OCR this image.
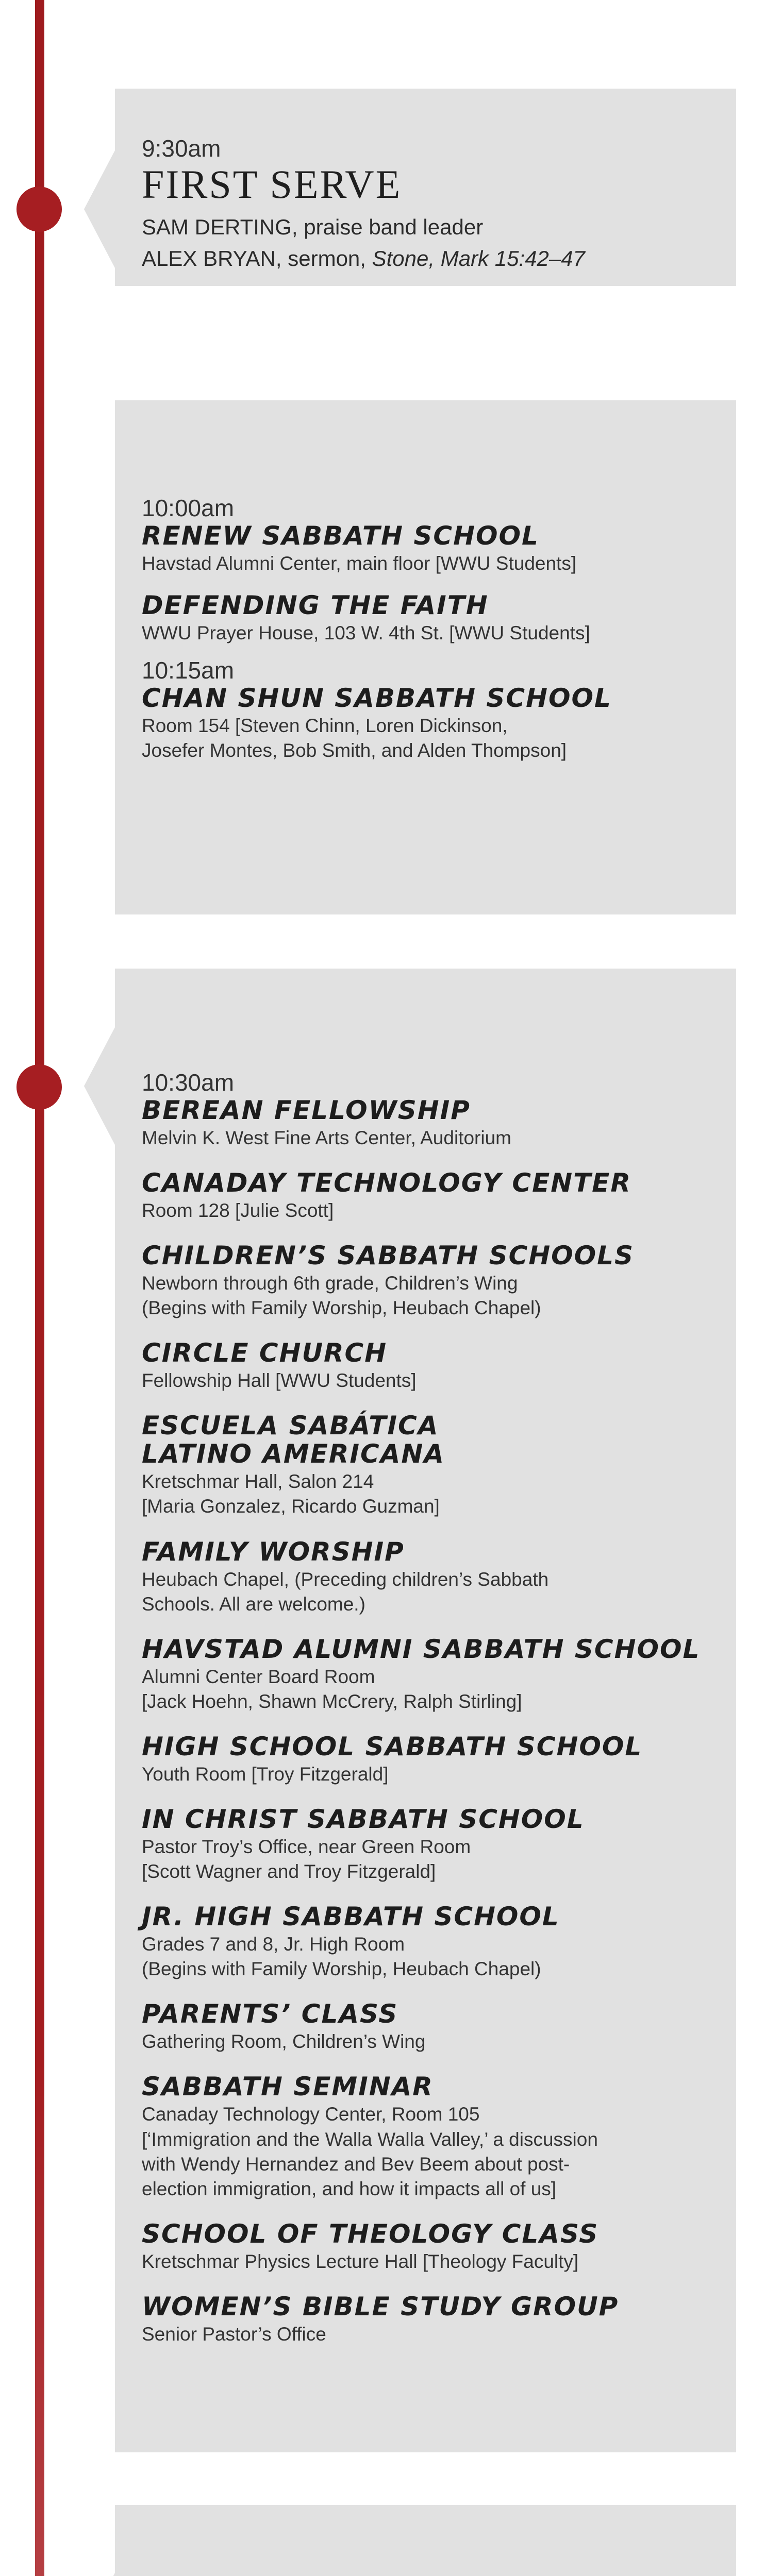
9:30am

FIRST SERVE

SAM DERTING, praise band leader

ALEX BRYAN, sermon, Stone, Mark 15:42–47

10:00am

RENEW SABBATH SCHOOL

Havstad Alumni Center, main floor [WWU Students]

DEFENDING THE FAITH

WWU Prayer House, 103 W. 4th St. [WWU Students]

10:15am

CHAN SHUN SABBATH SCHOOL

Room 154 [Steven Chinn, Loren Dickinson,
Josefer Montes, Bob Smith, and Alden Thompson]

10:30am

BEREAN FELLOWSHIP

Melvin K. West Fine Arts Center, Auditorium

CANADAY TECHNOLOGY CENTER

Room 128 [Julie Scott]

CHILDREN’S SABBATH SCHOOLS

Newborn through 6th grade, Children’s Wing
(Begins with Family Worship, Heubach Chapel)

CIRCLE CHURCH

Fellowship Hall [WWU Students]

ESCUELA SABÁTICA
LATINO AMERICANA

Kretschmar Hall, Salon 214
[Maria Gonzalez, Ricardo Guzman]

FAMILY WORSHIP

Heubach Chapel, (Preceding children’s Sabbath
Schools. All are welcome.)

HAVSTAD ALUMNI SABBATH SCHOOL

Alumni Center Board Room
[Jack Hoehn, Shawn McCrery, Ralph Stirling]

HIGH SCHOOL SABBATH SCHOOL

Youth Room [Troy Fitzgerald]

IN CHRIST SABBATH SCHOOL

Pastor Troy’s Office, near Green Room
[Scott Wagner and Troy Fitzgerald]

JR. HIGH SABBATH SCHOOL

Grades 7 and 8, Jr. High Room
(Begins with Family Worship, Heubach Chapel)

PARENTS’ CLASS

Gathering Room, Children’s Wing

SABBATH SEMINAR

Canaday Technology Center, Room 105
[‘Immigration and the Walla Walla Valley,’ a discussion
with Wendy Hernandez and Bev Beem about post-
election immigration, and how it impacts all of us]

SCHOOL OF THEOLOGY CLASS

Kretschmar Physics Lecture Hall [Theology Faculty]

WOMEN’S BIBLE STUDY GROUP

Senior Pastor’s Office
